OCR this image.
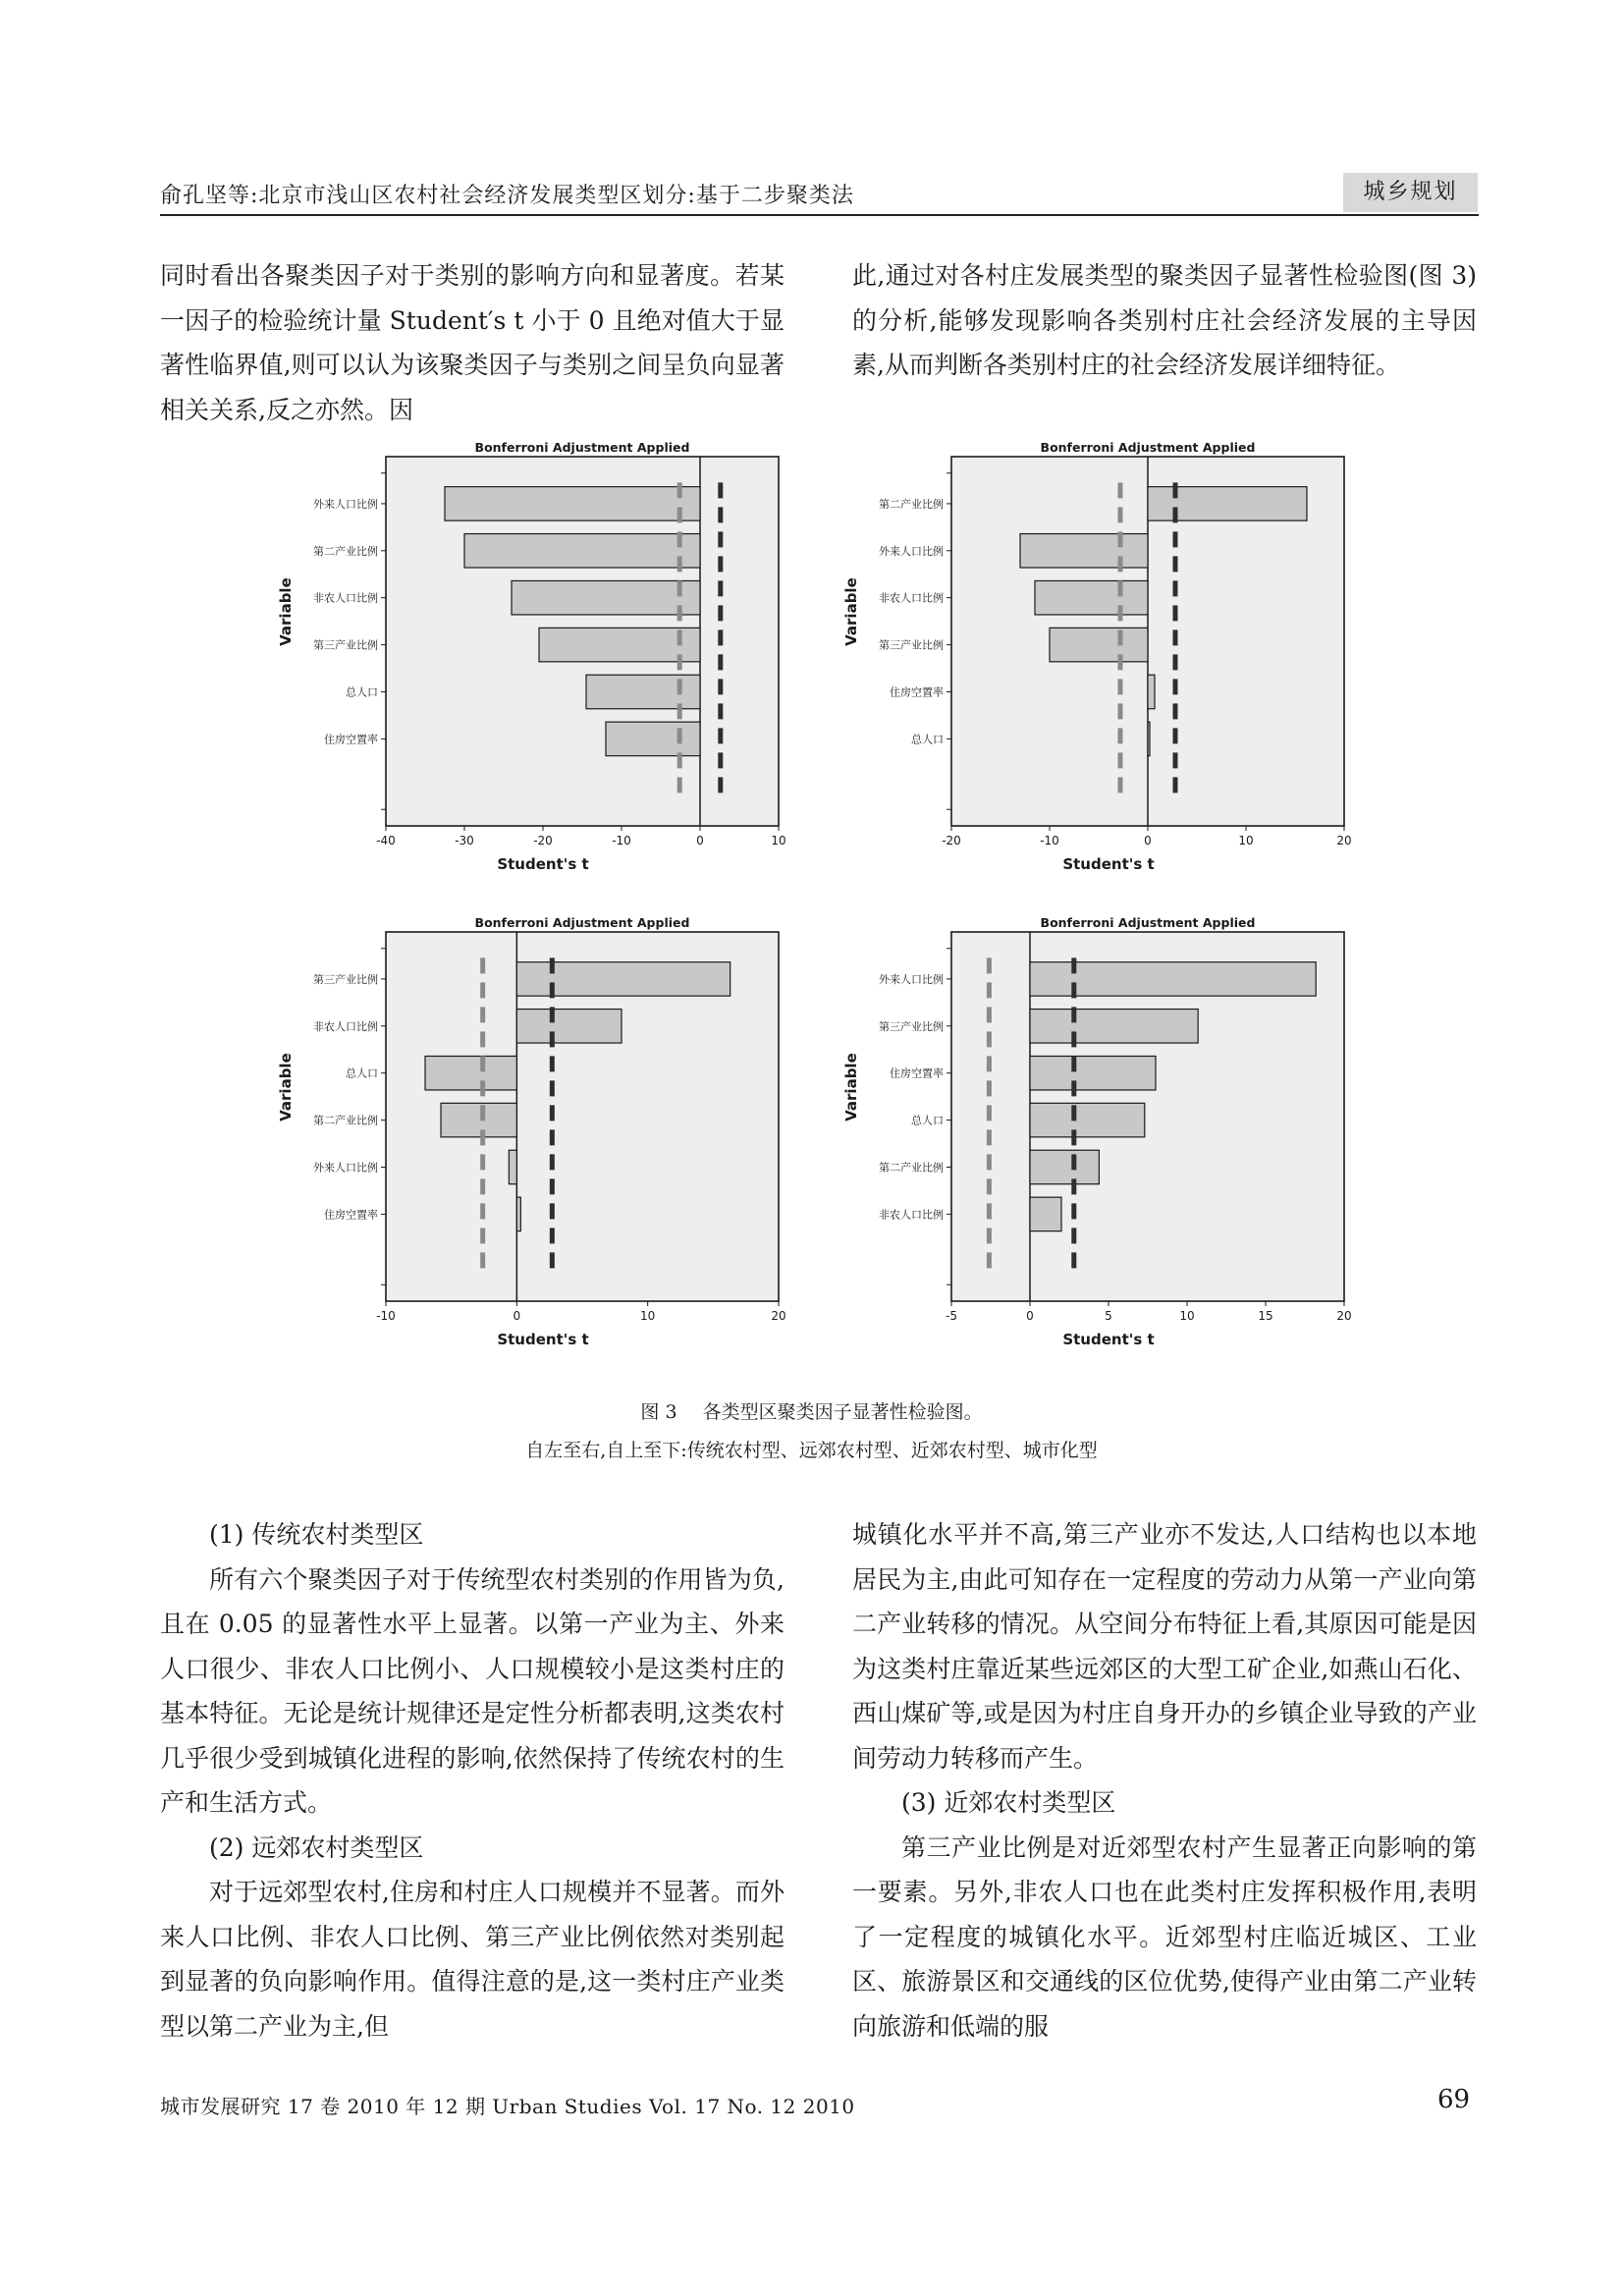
俞孔坚等:北京市浅山区农村社会经济发展类型区划分:基于二步聚类法	城乡规划

同时看出各聚类因子对于类别的影响方向和显著度。若某一因子的检验统计量 Student′s t 小于 0 且绝对值大于显著性临界值,则可以认为该聚类因子与类别之间呈负向显著相关关系,反之亦然。因

此,通过对各村庄发展类型的聚类因子显著性检验图(图 3)的分析,能够发现影响各类别村庄社会经济发展的主导因素,从而判断各类别村庄的社会经济发展详细特征。

外来人口比例
第二产业比例
非农人口比例
第三产业比例
总人口
住房空置率
-40	-30	-20	-10	0	10
Bonferroni Adjustment Applied
Student's t
Variable
第二产业比例
外来人口比例
非农人口比例
第三产业比例
住房空置率
总人口
-20	-10	0	10	20
Bonferroni Adjustment Applied
Student's t
Variable
第三产业比例
非农人口比例
总人口
第二产业比例
外来人口比例
住房空置率
-10	0	10	20
Bonferroni Adjustment Applied
Student's t
Variable
外来人口比例
第三产业比例
住房空置率
总人口
第二产业比例
非农人口比例
-5	0	5	10	15	20
Bonferroni Adjustment Applied
Student's t
Variable
图 3 各类型区聚类因子显著性检验图。
自左至右,自上至下:传统农村型、远郊农村型、近郊农村型、城市化型

(1) 传统农村类型区

所有六个聚类因子对于传统型农村类别的作用皆为负,且在 0.05 的显著性水平上显著。以第一产业为主、外来人口很少、非农人口比例小、人口规模较小是这类村庄的基本特征。无论是统计规律还是定性分析都表明,这类农村几乎很少受到城镇化进程的影响,依然保持了传统农村的生产和生活方式。

(2) 远郊农村类型区

对于远郊型农村,住房和村庄人口规模并不显著。而外来人口比例、非农人口比例、第三产业比例依然对类别起到显著的负向影响作用。值得注意的是,这一类村庄产业类型以第二产业为主,但

城镇化水平并不高,第三产业亦不发达,人口结构也以本地居民为主,由此可知存在一定程度的劳动力从第一产业向第二产业转移的情况。从空间分布特征上看,其原因可能是因为这类村庄靠近某些远郊区的大型工矿企业,如燕山石化、西山煤矿等,或是因为村庄自身开办的乡镇企业导致的产业间劳动力转移而产生。

(3) 近郊农村类型区

第三产业比例是对近郊型农村产生显著正向影响的第一要素。另外,非农人口也在此类村庄发挥积极作用,表明了一定程度的城镇化水平。近郊型村庄临近城区、工业区、旅游景区和交通线的区位优势,使得产业由第二产业转向旅游和低端的服

城市发展研究 17 卷 2010 年 12 期 Urban Studies Vol. 17 No. 12 2010	69
